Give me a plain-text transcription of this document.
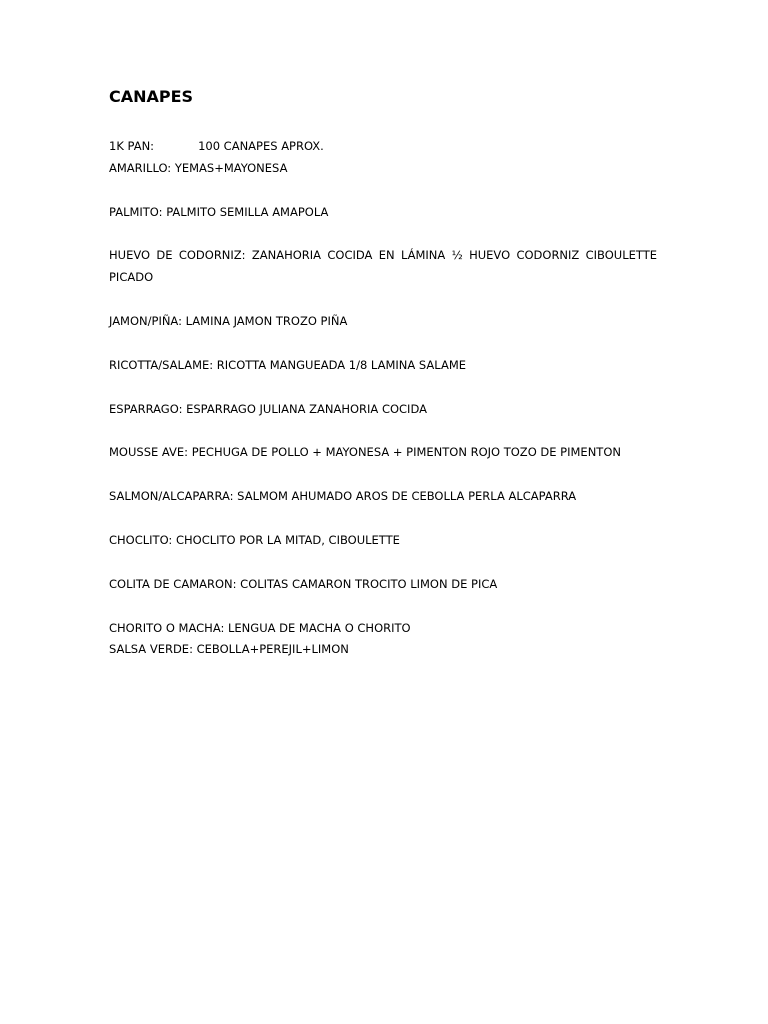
CANAPES
1K PAN:	100 CANAPES APROX.
AMARILLO: YEMAS+MAYONESA
PALMITO: PALMITO SEMILLA AMAPOLA
HUEVO DE CODORNIZ: ZANAHORIA COCIDA EN LÁMINA ½ HUEVO CODORNIZ CIBOULETTE
PICADO
JAMON/PIÑA: LAMINA JAMON TROZO PIÑA
RICOTTA/SALAME: RICOTTA MANGUEADA 1/8 LAMINA SALAME
ESPARRAGO: ESPARRAGO JULIANA ZANAHORIA COCIDA
MOUSSE AVE: PECHUGA DE POLLO + MAYONESA + PIMENTON ROJO TOZO DE PIMENTON
SALMON/ALCAPARRA: SALMOM AHUMADO AROS DE CEBOLLA PERLA ALCAPARRA
CHOCLITO: CHOCLITO POR LA MITAD, CIBOULETTE
COLITA DE CAMARON: COLITAS CAMARON TROCITO LIMON DE PICA
CHORITO O MACHA: LENGUA DE MACHA O CHORITO
SALSA VERDE: CEBOLLA+PEREJIL+LIMON
